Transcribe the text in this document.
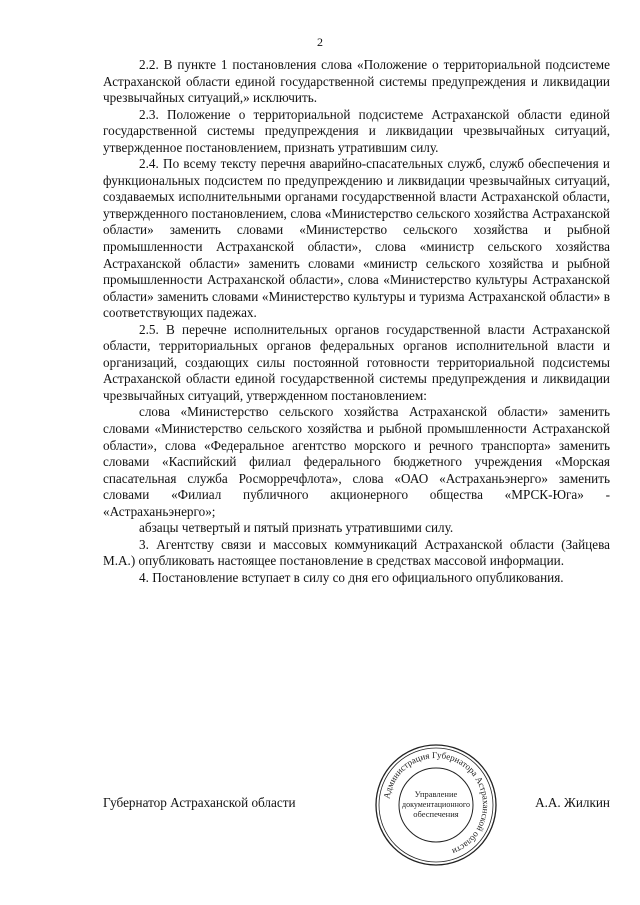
2

2.2. В пункте 1 постановления слова «Положение о территориальной подсистеме Астраханской области единой государственной системы предупреждения и ликвидации чрезвычайных ситуаций,» исключить.

2.3. Положение о территориальной подсистеме Астраханской области единой государственной системы предупреждения и ликвидации чрезвычайных ситуаций, утвержденное постановлением, признать утратившим силу.

2.4. По всему тексту перечня аварийно-спасательных служб, служб обеспечения и функциональных подсистем по предупреждению и ликвидации чрезвычайных ситуаций, создаваемых исполнительными органами государственной власти Астраханской области, утвержденного постановлением, слова «Министерство сельского хозяйства Астраханской области» заменить словами «Министерство сельского хозяйства и рыбной промышленности Астраханской области», слова «министр сельского хозяйства Астраханской области» заменить словами «министр сельского хозяйства и рыбной промышленности Астраханской области», слова «Министерство культуры Астраханской области» заменить словами «Министерство культуры и туризма Астраханской области» в соответствующих падежах.

2.5. В перечне исполнительных органов государственной власти Астраханской области, территориальных органов федеральных органов исполнительной власти и организаций, создающих силы постоянной готовности территориальной подсистемы Астраханской области единой государственной системы предупреждения и ликвидации чрезвычайных ситуаций, утвержденном постановлением:

слова «Министерство сельского хозяйства Астраханской области» заменить словами «Министерство сельского хозяйства и рыбной промышленности Астраханской области», слова «Федеральное агентство морского и речного транспорта» заменить словами «Каспийский филиал федерального бюджетного учреждения «Морская спасательная служба Росморречфлота», слова «ОАО «Астраханьэнерго» заменить словами «Филиал публичного акционерного общества «МРСК-Юга» - «Астраханьэнерго»;

абзацы четвертый и пятый признать утратившими силу.

3. Агентству связи и массовых коммуникаций Астраханской области (Зайцева М.А.) опубликовать настоящее постановление в средствах массовой информации.

4. Постановление вступает в силу со дня его официального опубликования.

Губернатор Астраханской области	А.А. Жилкин
Администрация Губернатора Астраханской области
Управление
документационного
обеспечения
